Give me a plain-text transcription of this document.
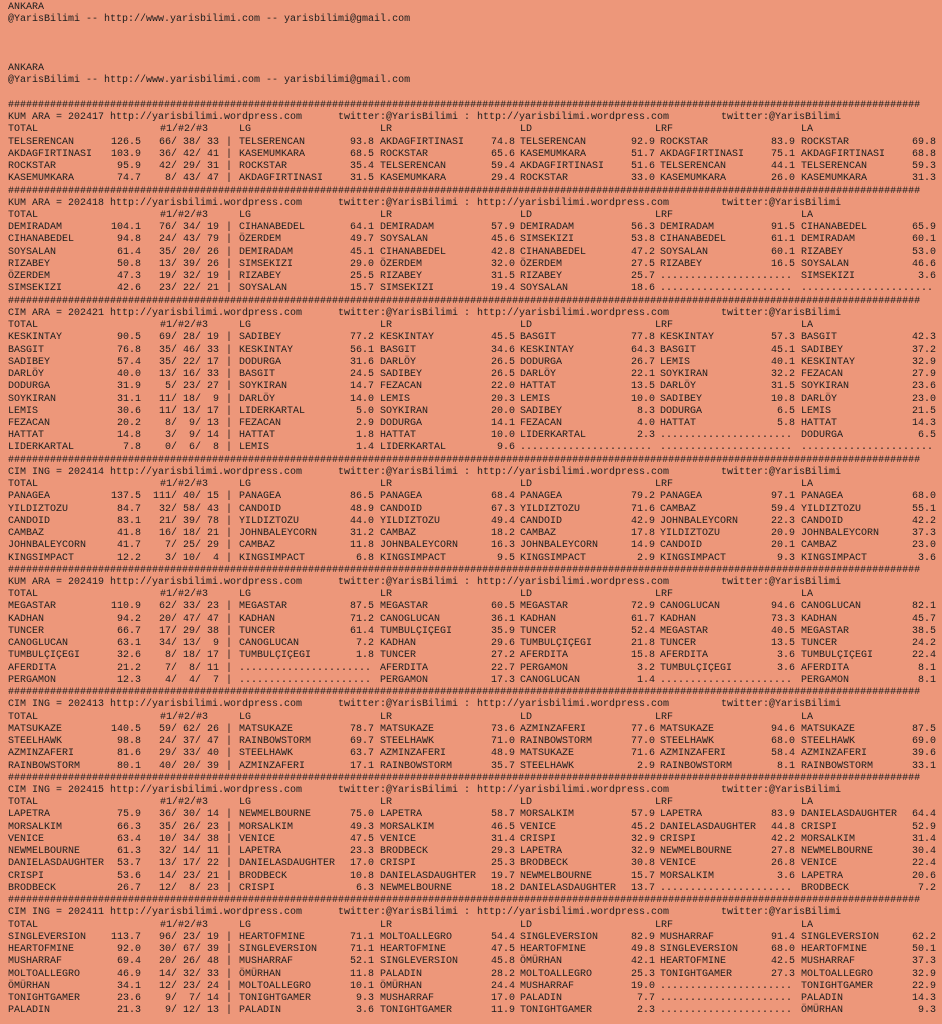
ANKARA
@YarisBilimi -- http://www.yarisbilimi.com -- yarisbilimi@gmail.com
ANKARA
@YarisBilimi -- http://www.yarisbilimi.com -- yarisbilimi@gmail.com
########################################################################################################################################################
KUM ARA = 202417 http://yarisbilimi.wordpress.com	twitter:@YarisBilimi : http://yarisbilimi.wordpress.com	twitter:@YarisBilimi
TOTAL	#1/#2/#3	LG	LR	LD	LRF	LA
TELSERENCAN	126.5	66/ 38/ 33 | TELSERENCAN	93.8 AKDAGFIRTINASI	74.8 TELSERENCAN	92.9 ROCKSTAR	83.9 ROCKSTAR	69.8
AKDAGFIRTINASI	103.9	36/ 42/ 41 | KASEMUMKARA	68.5 ROCKSTAR	65.6 KASEMUMKARA	51.7 AKDAGFIRTINASI	75.1 AKDAGFIRTINASI	68.8
ROCKSTAR	95.9	42/ 29/ 31 | ROCKSTAR	35.4 TELSERENCAN	59.4 AKDAGFIRTINASI	51.6 TELSERENCAN	44.1 TELSERENCAN	59.3
KASEMUMKARA	74.7	8/ 43/ 47 | AKDAGFIRTINASI	31.5 KASEMUMKARA	29.4 ROCKSTAR	33.0 KASEMUMKARA	26.0 KASEMUMKARA	31.3
########################################################################################################################################################
KUM ARA = 202418 http://yarisbilimi.wordpress.com	twitter:@YarisBilimi : http://yarisbilimi.wordpress.com	twitter:@YarisBilimi
TOTAL	#1/#2/#3	LG	LR	LD	LRF	LA
DEMIRADAM	104.1	76/ 34/ 19 | CIHANABEDEL	64.1 DEMIRADAM	57.9 DEMIRADAM	56.3 DEMIRADAM	91.5 CIHANABEDEL	65.9
CIHANABEDEL	94.8	24/ 43/ 79 | ÖZERDEM	49.7 SOYSALAN	45.6 SIMSEKIZI	53.8 CIHANABEDEL	61.1 DEMIRADAM	60.1
SOYSALAN	61.4	35/ 20/ 26 | DEMIRADAM	45.1 CIHANABEDEL	42.8 CIHANABEDEL	47.2 SOYSALAN	60.1 RIZABEY	53.0
RIZABEY	50.8	13/ 39/ 26 | SIMSEKIZI	29.0 ÖZERDEM	32.0 ÖZERDEM	27.5 RIZABEY	16.5 SOYSALAN	46.6
ÖZERDEM	47.3	19/ 32/ 19 | RIZABEY	25.5 RIZABEY	31.5 RIZABEY	25.7 ...................... SIMSEKIZI	3.6
SIMSEKIZI	42.6	23/ 22/ 21 | SOYSALAN	15.7 SIMSEKIZI	19.4 SOYSALAN	18.6 ...................... ......................
########################################################################################################################################################
CIM ARA = 202421 http://yarisbilimi.wordpress.com	twitter:@YarisBilimi : http://yarisbilimi.wordpress.com	twitter:@YarisBilimi
TOTAL	#1/#2/#3	LG	LR	LD	LRF	LA
KESKINTAY	90.5	69/ 28/ 19 | SADIBEY	77.2 KESKINTAY	45.5 BASGIT	77.8 KESKINTAY	57.3 BASGIT	42.3
BASGIT	76.8	35/ 46/ 33 | KESKINTAY	56.1 BASGIT	34.6 KESKINTAY	64.3 BASGIT	45.1 SADIBEY	37.2
SADIBEY	57.4	35/ 22/ 17 | DODURGA	31.6 DARLÖY	26.5 DODURGA	26.7 LEMIS	40.1 KESKINTAY	32.9
DARLÖY	40.0	13/ 16/ 33 | BASGIT	24.5 SADIBEY	26.5 DARLÖY	22.1 SOYKIRAN	32.2 FEZACAN	27.9
DODURGA	31.9	5/ 23/ 27 | SOYKIRAN	14.7 FEZACAN	22.0 HATTAT	13.5 DARLÖY	31.5 SOYKIRAN	23.6
SOYKIRAN	31.1	11/ 18/  9 | DARLÖY	14.0 LEMIS	20.3 LEMIS	10.0 SADIBEY	10.8 DARLÖY	23.0
LEMIS	30.6	11/ 13/ 17 | LIDERKARTAL	5.0 SOYKIRAN	20.0 SADIBEY	8.3 DODURGA	6.5 LEMIS	21.5
FEZACAN	20.2	8/  9/ 13 | FEZACAN	2.9 DODURGA	14.1 FEZACAN	4.0 HATTAT	5.8 HATTAT	14.3
HATTAT	14.8	3/  9/ 14 | HATTAT	1.8 HATTAT	10.0 LIDERKARTAL	2.3 ...................... DODURGA	6.5
LIDERKARTAL	7.8	0/  6/  8 | LEMIS	1.4 LIDERKARTAL	9.6 ...................... ...................... ......................
########################################################################################################################################################
CIM ING = 202414 http://yarisbilimi.wordpress.com	twitter:@YarisBilimi : http://yarisbilimi.wordpress.com	twitter:@YarisBilimi
TOTAL	#1/#2/#3	LG	LR	LD	LRF	LA
PANAGEA	137.5	111/ 40/ 15 | PANAGEA	86.5 PANAGEA	68.4 PANAGEA	79.2 PANAGEA	97.1 PANAGEA	68.0
YILDIZTOZU	84.7	32/ 58/ 43 | CANDOID	48.9 CANDOID	67.3 YILDIZTOZU	71.6 CAMBAZ	59.4 YILDIZTOZU	55.1
CANDOID	83.1	21/ 39/ 78 | YILDIZTOZU	44.0 YILDIZTOZU	49.4 CANDOID	42.9 JOHNBALEYCORN	22.3 CANDOID	42.2
CAMBAZ	41.8	16/ 18/ 21 | JOHNBALEYCORN	31.2 CAMBAZ	18.2 CAMBAZ	17.8 YILDIZTOZU	20.9 JOHNBALEYCORN	37.3
JOHNBALEYCORN	41.7	7/ 25/ 29 | CAMBAZ	11.8 JOHNBALEYCORN	16.3 JOHNBALEYCORN	14.9 CANDOID	20.1 CAMBAZ	23.0
KINGSIMPACT	12.2	3/ 10/  4 | KINGSIMPACT	6.8 KINGSIMPACT	9.5 KINGSIMPACT	2.9 KINGSIMPACT	9.3 KINGSIMPACT	3.6
########################################################################################################################################################
KUM ARA = 202419 http://yarisbilimi.wordpress.com	twitter:@YarisBilimi : http://yarisbilimi.wordpress.com	twitter:@YarisBilimi
TOTAL	#1/#2/#3	LG	LR	LD	LRF	LA
MEGASTAR	110.9	62/ 33/ 23 | MEGASTAR	87.5 MEGASTAR	60.5 MEGASTAR	72.9 CANOGLUCAN	94.6 CANOGLUCAN	82.1
KADHAN	94.2	20/ 47/ 47 | KADHAN	71.2 CANOGLUCAN	36.1 KADHAN	61.7 KADHAN	73.3 KADHAN	45.7
TUNCER	66.7	17/ 29/ 38 | TUNCER	61.4 TUMBULÇIÇEGI	35.9 TUNCER	52.4 MEGASTAR	40.5 MEGASTAR	38.5
CANOGLUCAN	63.1	34/ 13/  9 | CANOGLUCAN	7.2 KADHAN	29.6 TUMBULÇIÇEGI	21.8 TUNCER	13.5 TUNCER	24.2
TUMBULÇIÇEGI	32.6	8/ 18/ 17 | TUMBULÇIÇEGI	1.8 TUNCER	27.2 AFERDITA	15.8 AFERDITA	3.6 TUMBULÇIÇEGI	22.4
AFERDITA	21.2	7/  8/ 11 | ...................... AFERDITA	22.7 PERGAMON	3.2 TUMBULÇIÇEGI	3.6 AFERDITA	8.1
PERGAMON	12.3	4/  4/  7 | ...................... PERGAMON	17.3 CANOGLUCAN	1.4 ...................... PERGAMON	8.1
########################################################################################################################################################
CIM ING = 202413 http://yarisbilimi.wordpress.com	twitter:@YarisBilimi : http://yarisbilimi.wordpress.com	twitter:@YarisBilimi
TOTAL	#1/#2/#3	LG	LR	LD	LRF	LA
MATSUKAZE	140.5	59/ 62/ 26 | MATSUKAZE	78.7 MATSUKAZE	73.6 AZMINZAFERI	77.6 MATSUKAZE	94.6 MATSUKAZE	87.5
STEELHAWK	98.8	24/ 37/ 47 | RAINBOWSTORM	69.7 STEELHAWK	71.0 RAINBOWSTORM	77.0 STEELHAWK	68.0 STEELHAWK	69.0
AZMINZAFERI	81.6	29/ 33/ 40 | STEELHAWK	63.7 AZMINZAFERI	48.9 MATSUKAZE	71.6 AZMINZAFERI	58.4 AZMINZAFERI	39.6
RAINBOWSTORM	80.1	40/ 20/ 39 | AZMINZAFERI	17.1 RAINBOWSTORM	35.7 STEELHAWK	2.9 RAINBOWSTORM	8.1 RAINBOWSTORM	33.1
########################################################################################################################################################
CIM ING = 202415 http://yarisbilimi.wordpress.com	twitter:@YarisBilimi : http://yarisbilimi.wordpress.com	twitter:@YarisBilimi
TOTAL	#1/#2/#3	LG	LR	LD	LRF	LA
LAPETRA	75.9	36/ 30/ 14 | NEWMELBOURNE	75.0 LAPETRA	58.7 MORSALKIM	57.9 LAPETRA	83.9 DANIELASDAUGHTER 64.4
MORSALKIM	66.3	35/ 26/ 23 | MORSALKIM	49.3 MORSALKIM	46.5 VENICE	45.2 DANIELASDAUGHTER 44.8 CRISPI	52.9
VENICE	63.4	10/ 34/ 38 | VENICE	47.5 VENICE	31.4 CRISPI	32.9 CRISPI	42.2 MORSALKIM	31.4
NEWMELBOURNE	61.3	32/ 14/ 11 | LAPETRA	23.3 BRODBECK	29.3 LAPETRA	32.9 NEWMELBOURNE	27.8 NEWMELBOURNE	30.4
DANIELASDAUGHTER	53.7	13/ 17/ 22 | DANIELASDAUGHTER 17.0 CRISPI	25.3 BRODBECK	30.8 VENICE	26.8 VENICE	22.4
CRISPI	53.6	14/ 23/ 21 | BRODBECK	10.8 DANIELASDAUGHTER 19.7 NEWMELBOURNE	15.7 MORSALKIM	3.6 LAPETRA	20.6
BRODBECK	26.7	12/  8/ 23 | CRISPI	6.3 NEWMELBOURNE	18.2 DANIELASDAUGHTER 13.7 ...................... BRODBECK	7.2
########################################################################################################################################################
CIM ING = 202411 http://yarisbilimi.wordpress.com	twitter:@YarisBilimi : http://yarisbilimi.wordpress.com	twitter:@YarisBilimi
TOTAL	#1/#2/#3	LG	LR	LD	LRF	LA
SINGLEVERSION	113.7	96/ 23/ 19 | HEARTOFMINE	71.1 MOLTOALLEGRO	54.4 SINGLEVERSION	82.9 MUSHARRAF	91.4 SINGLEVERSION	62.2
HEARTOFMINE	92.0	30/ 67/ 39 | SINGLEVERSION	71.1 HEARTOFMINE	47.5 HEARTOFMINE	49.8 SINGLEVERSION	68.0 HEARTOFMINE	50.1
MUSHARRAF	69.4	20/ 26/ 48 | MUSHARRAF	52.1 SINGLEVERSION	45.8 ÖMÜRHAN	42.1 HEARTOFMINE	42.5 MUSHARRAF	37.3
MOLTOALLEGRO	46.9	14/ 32/ 33 | ÖMÜRHAN	11.8 PALADIN	28.2 MOLTOALLEGRO	25.3 TONIGHTGAMER	27.3 MOLTOALLEGRO	32.9
ÖMÜRHAN	34.1	12/ 23/ 24 | MOLTOALLEGRO	10.1 ÖMÜRHAN	24.4 MUSHARRAF	19.0 ...................... TONIGHTGAMER	22.9
TONIGHTGAMER	23.6	9/  7/ 14 | TONIGHTGAMER	9.3 MUSHARRAF	17.0 PALADIN	7.7 ...................... PALADIN	14.3
PALADIN	21.3	9/ 12/ 13 | PALADIN	3.6 TONIGHTGAMER	11.9 TONIGHTGAMER	2.3 ...................... ÖMÜRHAN	9.3
